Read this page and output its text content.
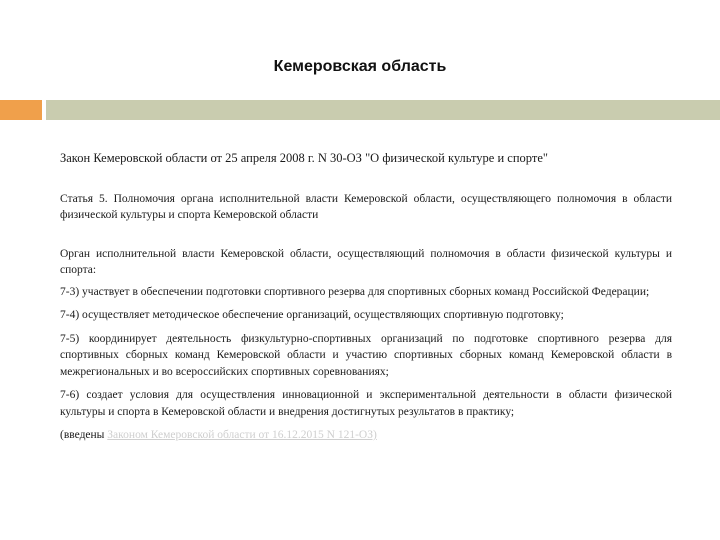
Кемеровская область

Закон Кемеровской области от 25 апреля 2008 г. N 30-ОЗ "О физической культуре и спорте"

Статья 5. Полномочия органа исполнительной власти Кемеровской области, осуществляющего полномочия в области физической культуры и спорта Кемеровской области

Орган исполнительной власти Кемеровской области, осуществляющий полномочия в области физической культуры и спорта:

7-3) участвует в обеспечении подготовки спортивного резерва для спортивных сборных команд Российской Федерации;

7-4) осуществляет методическое обеспечение организаций, осуществляющих спортивную подготовку;

7-5) координирует деятельность физкультурно-спортивных организаций по подготовке спортивного резерва для спортивных сборных команд Кемеровской области и участию спортивных сборных команд Кемеровской области в межрегиональных и во всероссийских спортивных соревнованиях;

7-6) создает условия для осуществления инновационной и экспериментальной деятельности в области физической культуры и спорта в Кемеровской области и внедрения достигнутых результатов в практику;

(введены Законом Кемеровской области от 16.12.2015 N 121-ОЗ)
